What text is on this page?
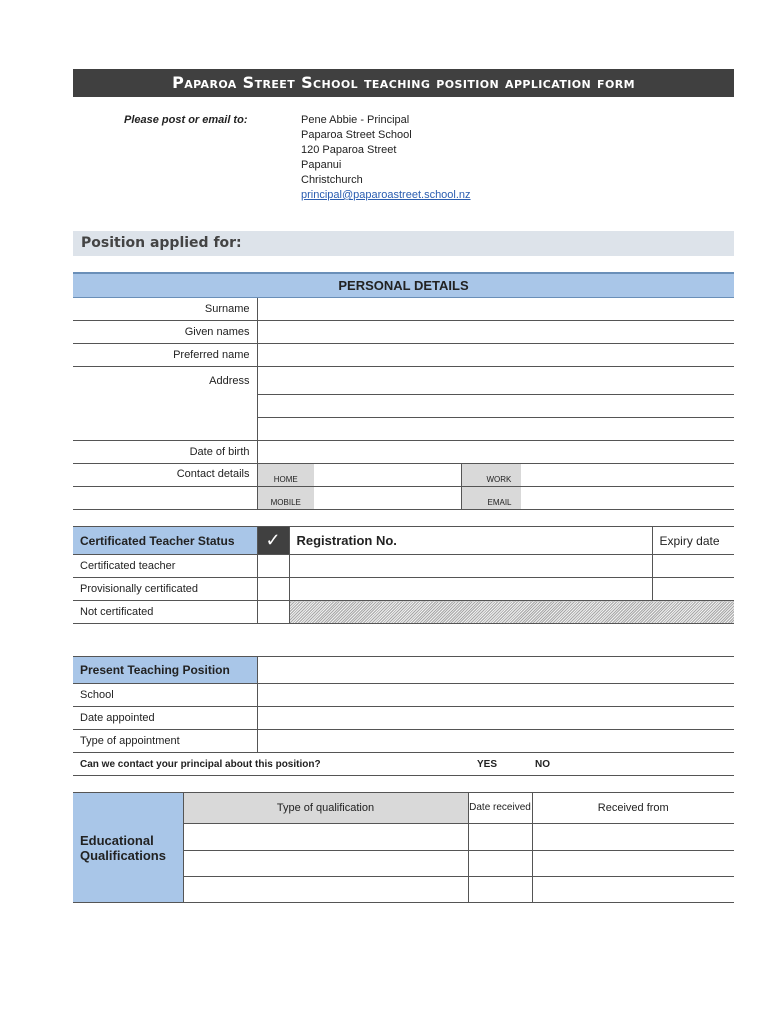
Paparoa Street School teaching position application form
Please post or email to:	Pene Abbie - Principal
Paparoa Street School
120 Paparoa Street
Papanui
Christchurch
principal@paparoastreet.school.nz
Position applied for:
PERSONAL DETAILS				
Surname				
Given names				
Preferred name				
Address				

Date of birth				
Contact details	HOME		WORK	
	MOBILE		EMAIL	
Certificated Teacher Status	✓	Registration No.	Expiry date
Certificated teacher			
Provisionally certificated			
Not certificated			
Present Teaching Position			
School			
Date appointed			
Type of appointment			
Can we contact your principal about this position?		YES	NO
Educational Qualifications	Type of qualification	Date received	Received from
